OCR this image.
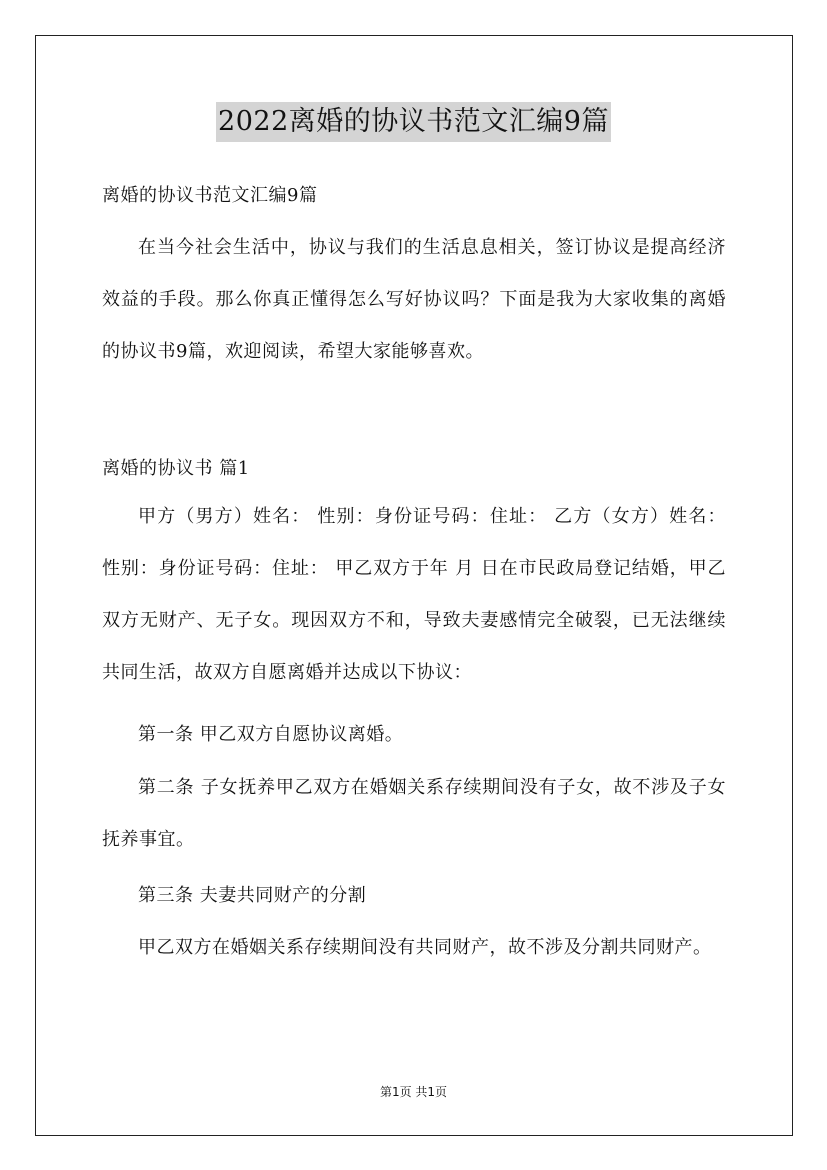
2022离婚的协议书范文汇编9篇
离婚的协议书范文汇编9篇
在当今社会生活中，协议与我们的生活息息相关，签订协议是提高经济效益的手段。那么你真正懂得怎么写好协议吗？下面是我为大家收集的离婚的协议书9篇，欢迎阅读，希望大家能够喜欢。
离婚的协议书 篇1
甲方（男方）姓名： 性别：身份证号码：住址： 乙方（女方）姓名： 性别：身份证号码：住址： 甲乙双方于年 月 日在市民政局登记结婚，甲乙双方无财产、无子女。现因双方不和，导致夫妻感情完全破裂，已无法继续共同生活，故双方自愿离婚并达成以下协议：
第一条 甲乙双方自愿协议离婚。
第二条 子女抚养甲乙双方在婚姻关系存续期间没有子女，故不涉及子女抚养事宜。
第三条 夫妻共同财产的分割
甲乙双方在婚姻关系存续期间没有共同财产，故不涉及分割共同财产。
第1页 共1页
